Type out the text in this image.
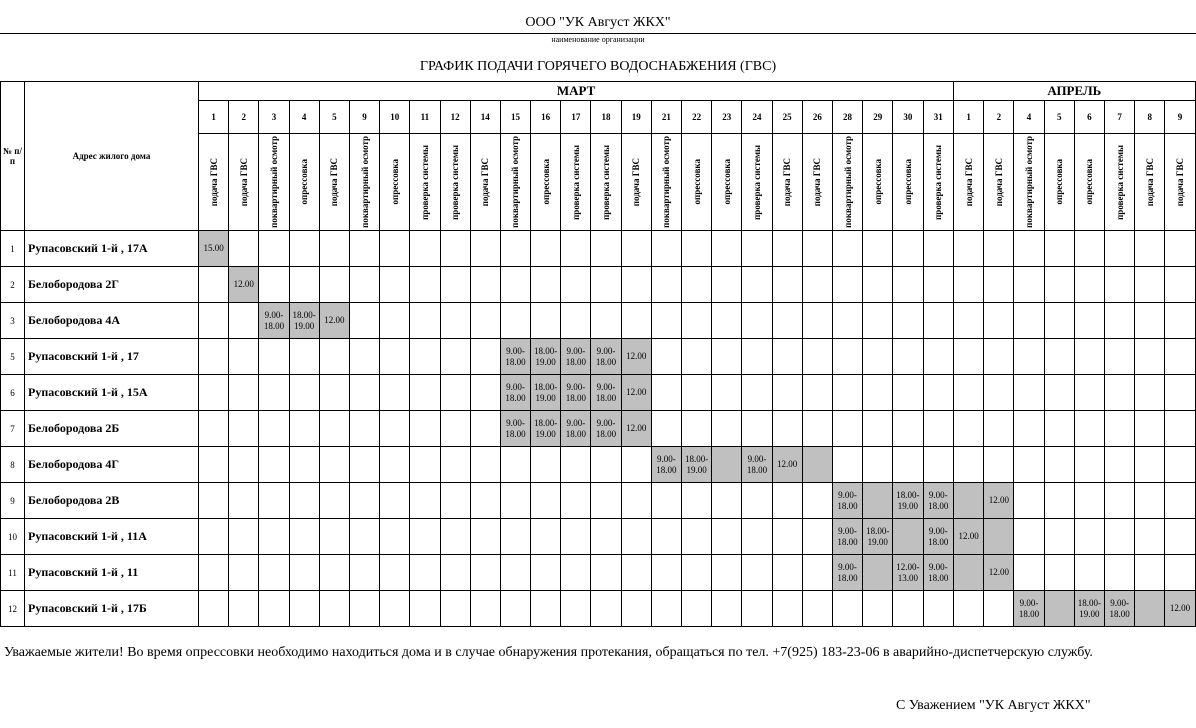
ООО "УК Август ЖКХ"
наименование организации
ГРАФИК ПОДАЧИ ГОРЯЧЕГО ВОДОСНАБЖЕНИЯ (ГВС)
№ п/п	Адрес жилого дома	МАРТ																									АПРЕЛЬ							
		1	2	3	4	5	9	10	11	12	14	15	16	17	18	19	21	22	23	24	25	26	28	29	30	31	1	2	4	5	6	7	8	9

		подача ГВС	подача ГВС	поквартирный осмотр	опрессовка	подача ГВС	поквартирный осмотр	опрессовка	проверка системы	проверка системы	подача ГВС	поквартирный осмотр	опрессовка	проверка системы	проверка системы	подача ГВС	поквартирный осмотр	опрессовка	опрессовка	проверка системы	подача ГВС	подача ГВС	поквартирный осмотр	опрессовка	опрессовка	проверка системы	подача ГВС	подача ГВС	поквартирный осмотр	опрессовка	опрессовка	проверка системы	подача ГВС	подача ГВС

1	Рупасовский 1-й , 17А	15.00																																
2	Белобородова 2Г		12.00																															
3	Белобородова 4А			9.00-18.00	18.00-19.00	12.00																												
5	Рупасовский 1-й , 17											9.00-18.00	18.00-19.00	9.00-18.00	9.00-18.00	12.00																		
6	Рупасовский 1-й , 15А											9.00-18.00	18.00-19.00	9.00-18.00	9.00-18.00	12.00																		
7	Белобородова 2Б											9.00-18.00	18.00-19.00	9.00-18.00	9.00-18.00	12.00																		
8	Белобородова 4Г																9.00-18.00	18.00-19.00		9.00-18.00	12.00													
9	Белобородова 2В																						9.00-18.00		18.00-19.00	9.00-18.00		12.00						
10	Рупасовский 1-й , 11А																						9.00-18.00	18.00-19.00		9.00-18.00	12.00							
11	Рупасовский 1-й , 11																						9.00-18.00		12.00-13.00	9.00-18.00		12.00						
12	Рупасовский 1-й , 17Б																												9.00-18.00		18.00-19.00	9.00-18.00		12.00
Уважаемые жители! Во время опрессовки необходимо находиться дома и в случае обнаружения протекания, обращаться по тел. +7(925) 183-23-06 в аварийно-диспетчерскую службу.
С Уважением "УК Август ЖКХ"
